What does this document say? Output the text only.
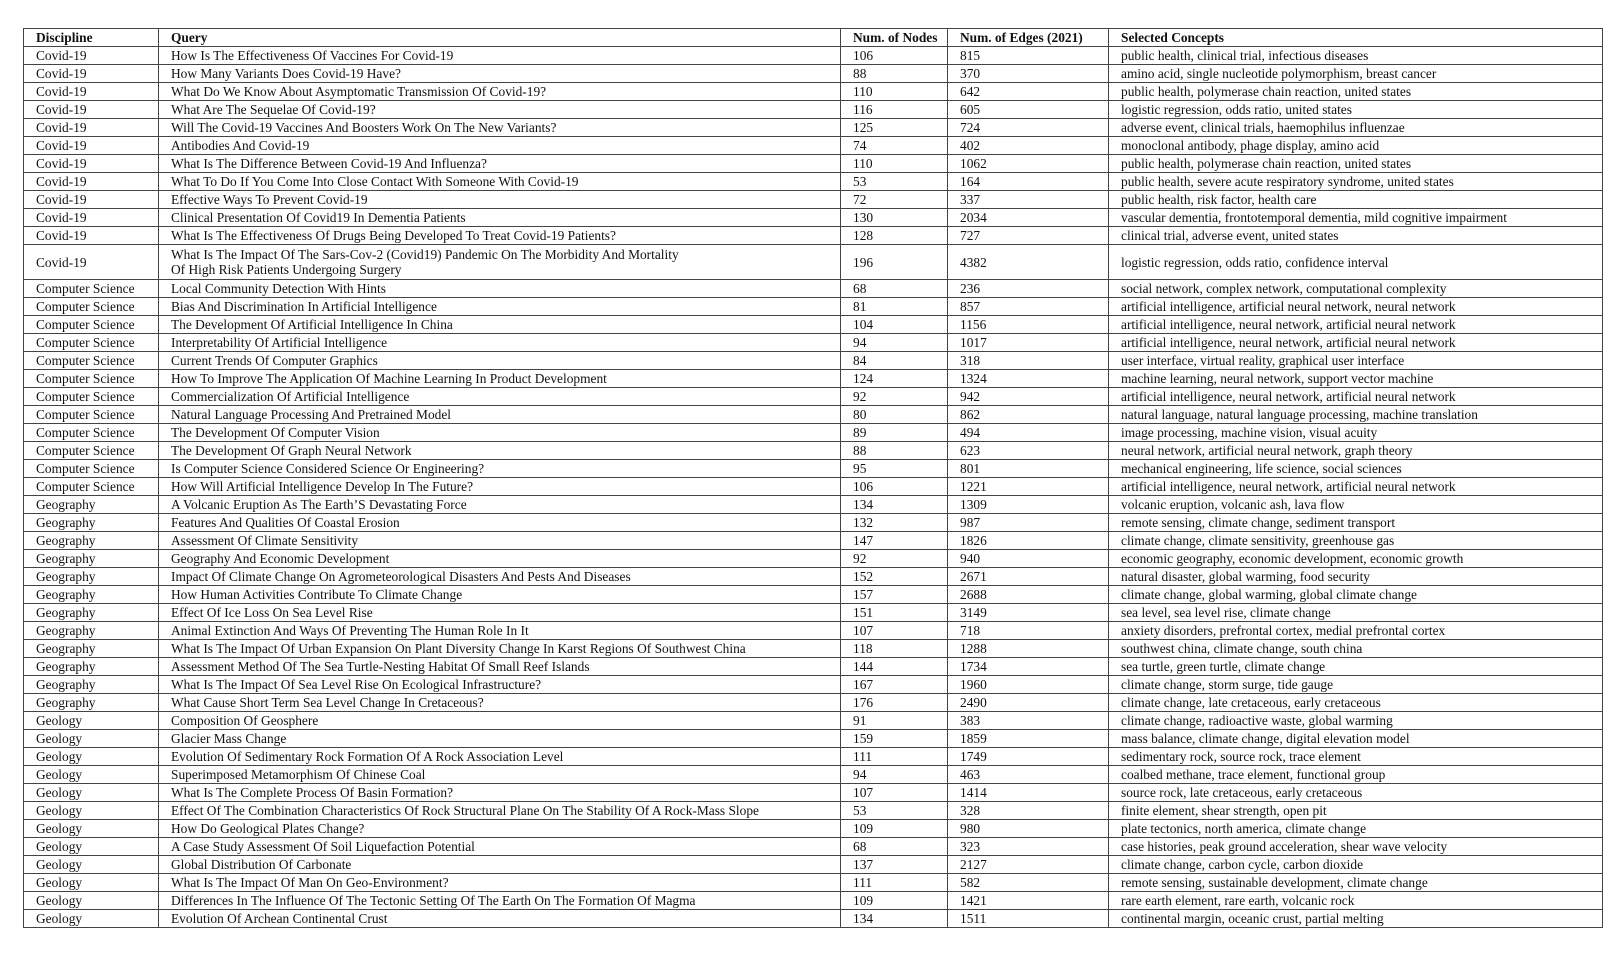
Discipline	Query	Num. of Nodes	Num. of Edges (2021)	Selected Concepts
Covid-19	How Is The Effectiveness Of Vaccines For Covid-19	106	815	public health, clinical trial, infectious diseases
Covid-19	How Many Variants Does Covid-19 Have?	88	370	amino acid, single nucleotide polymorphism, breast cancer
Covid-19	What Do We Know About Asymptomatic Transmission Of Covid-19?	110	642	public health, polymerase chain reaction, united states
Covid-19	What Are The Sequelae Of Covid-19?	116	605	logistic regression, odds ratio, united states
Covid-19	Will The Covid-19 Vaccines And Boosters Work On The New Variants?	125	724	adverse event, clinical trials, haemophilus influenzae
Covid-19	Antibodies And Covid-19	74	402	monoclonal antibody, phage display, amino acid
Covid-19	What Is The Difference Between Covid-19 And Influenza?	110	1062	public health, polymerase chain reaction, united states
Covid-19	What To Do If You Come Into Close Contact With Someone With Covid-19	53	164	public health, severe acute respiratory syndrome, united states
Covid-19	Effective Ways To Prevent Covid-19	72	337	public health, risk factor, health care
Covid-19	Clinical Presentation Of Covid19 In Dementia Patients	130	2034	vascular dementia, frontotemporal dementia, mild cognitive impairment
Covid-19	What Is The Effectiveness Of Drugs Being Developed To Treat Covid-19 Patients?	128	727	clinical trial, adverse event, united states
Covid-19	What Is The Impact Of The Sars-Cov-2 (Covid19) Pandemic On The Morbidity And Mortality
Of High Risk Patients Undergoing Surgery	196	4382	logistic regression, odds ratio, confidence interval
Computer Science	Local Community Detection With Hints	68	236	social network, complex network, computational complexity
Computer Science	Bias And Discrimination In Artificial Intelligence	81	857	artificial intelligence, artificial neural network, neural network
Computer Science	The Development Of Artificial Intelligence In China	104	1156	artificial intelligence, neural network, artificial neural network
Computer Science	Interpretability Of Artificial Intelligence	94	1017	artificial intelligence, neural network, artificial neural network
Computer Science	Current Trends Of Computer Graphics	84	318	user interface, virtual reality, graphical user interface
Computer Science	How To Improve The Application Of Machine Learning In Product Development	124	1324	machine learning, neural network, support vector machine
Computer Science	Commercialization Of Artificial Intelligence	92	942	artificial intelligence, neural network, artificial neural network
Computer Science	Natural Language Processing And Pretrained Model	80	862	natural language, natural language processing, machine translation
Computer Science	The Development Of Computer Vision	89	494	image processing, machine vision, visual acuity
Computer Science	The Development Of Graph Neural Network	88	623	neural network, artificial neural network, graph theory
Computer Science	Is Computer Science Considered Science Or Engineering?	95	801	mechanical engineering, life science, social sciences
Computer Science	How Will Artificial Intelligence Develop In The Future?	106	1221	artificial intelligence, neural network, artificial neural network
Geography	A Volcanic Eruption As The Earth’S Devastating Force	134	1309	volcanic eruption, volcanic ash, lava flow
Geography	Features And Qualities Of Coastal Erosion	132	987	remote sensing, climate change, sediment transport
Geography	Assessment Of Climate Sensitivity	147	1826	climate change, climate sensitivity, greenhouse gas
Geography	Geography And Economic Development	92	940	economic geography, economic development, economic growth
Geography	Impact Of Climate Change On Agrometeorological Disasters And Pests And Diseases	152	2671	natural disaster, global warming, food security
Geography	How Human Activities Contribute To Climate Change	157	2688	climate change, global warming, global climate change
Geography	Effect Of Ice Loss On Sea Level Rise	151	3149	sea level, sea level rise, climate change
Geography	Animal Extinction And Ways Of Preventing The Human Role In It	107	718	anxiety disorders, prefrontal cortex, medial prefrontal cortex
Geography	What Is The Impact Of Urban Expansion On Plant Diversity Change In Karst Regions Of Southwest China	118	1288	southwest china, climate change, south china
Geography	Assessment Method Of The Sea Turtle-Nesting Habitat Of Small Reef Islands	144	1734	sea turtle, green turtle, climate change
Geography	What Is The Impact Of Sea Level Rise On Ecological Infrastructure?	167	1960	climate change, storm surge, tide gauge
Geography	What Cause Short Term Sea Level Change In Cretaceous?	176	2490	climate change, late cretaceous, early cretaceous
Geology	Composition Of Geosphere	91	383	climate change, radioactive waste, global warming
Geology	Glacier Mass Change	159	1859	mass balance, climate change, digital elevation model
Geology	Evolution Of Sedimentary Rock Formation Of A Rock Association Level	111	1749	sedimentary rock, source rock, trace element
Geology	Superimposed Metamorphism Of Chinese Coal	94	463	coalbed methane, trace element, functional group
Geology	What Is The Complete Process Of Basin Formation?	107	1414	source rock, late cretaceous, early cretaceous
Geology	Effect Of The Combination Characteristics Of Rock Structural Plane On The Stability Of A Rock-Mass Slope	53	328	finite element, shear strength, open pit
Geology	How Do Geological Plates Change?	109	980	plate tectonics, north america, climate change
Geology	A Case Study Assessment Of Soil Liquefaction Potential	68	323	case histories, peak ground acceleration, shear wave velocity
Geology	Global Distribution Of Carbonate	137	2127	climate change, carbon cycle, carbon dioxide
Geology	What Is The Impact Of Man On Geo-Environment?	111	582	remote sensing, sustainable development, climate change
Geology	Differences In The Influence Of The Tectonic Setting Of The Earth On The Formation Of Magma	109	1421	rare earth element, rare earth, volcanic rock
Geology	Evolution Of Archean Continental Crust	134	1511	continental margin, oceanic crust, partial melting
